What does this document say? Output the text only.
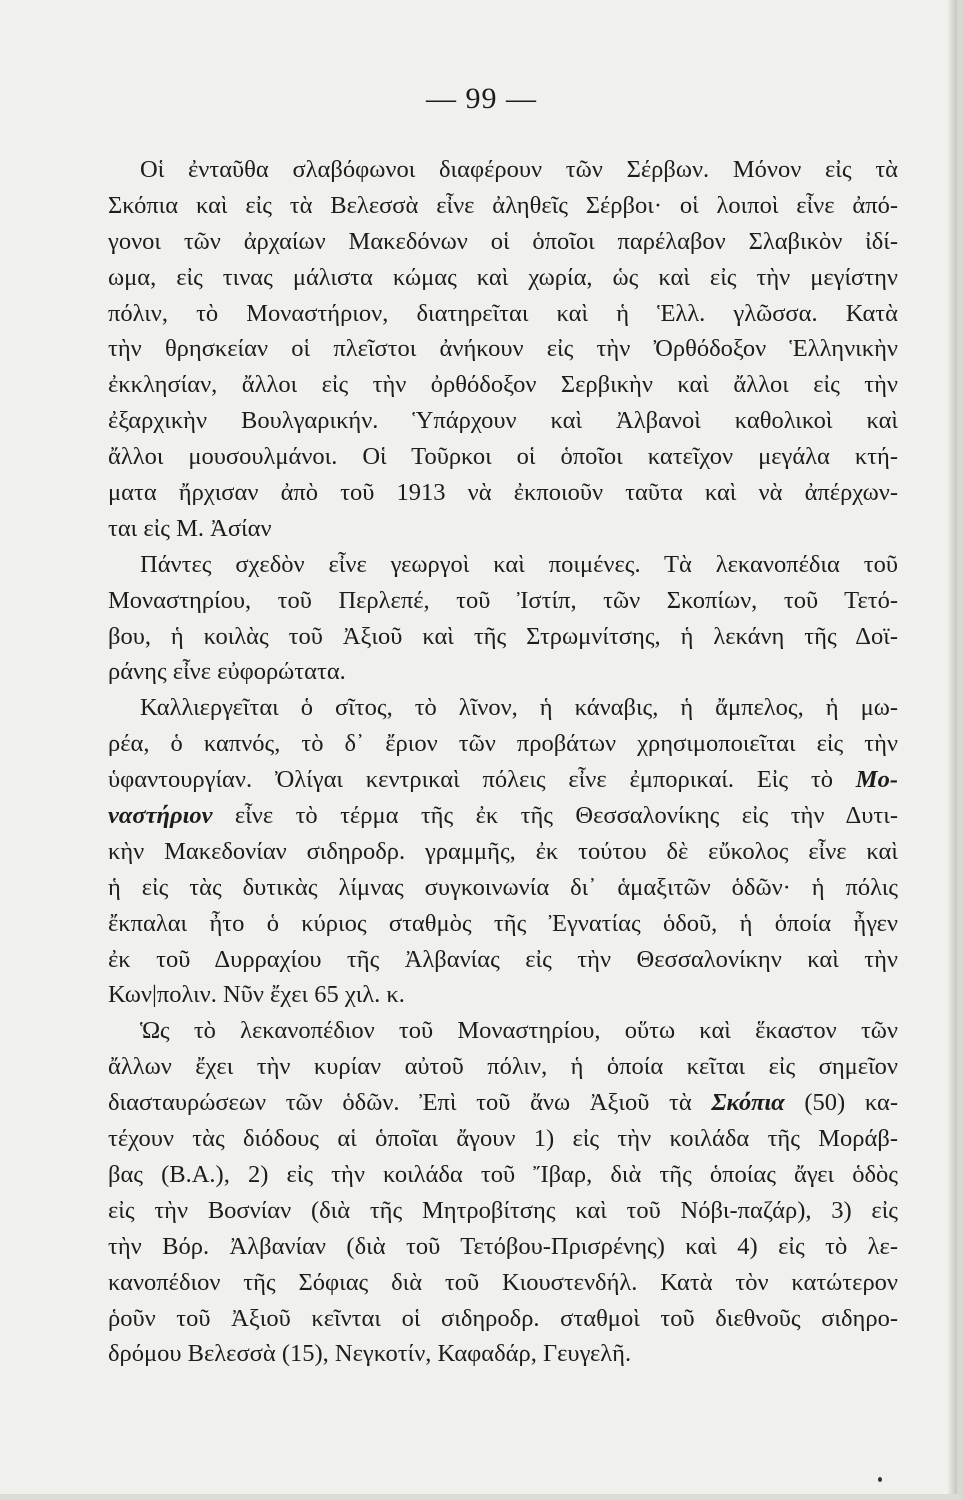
— 99 —
Οἱ ἐνταῦθα σλαβόφωνοι διαφέρουν τῶν Σέρβων. Μόνον εἰς τὰ
Σκόπια καὶ εἰς τὰ Βελεσσὰ εἶνε ἀληθεῖς Σέρβοι· οἱ λοιποὶ εἶνε ἀπό-
γονοι τῶν ἀρχαίων Μακεδόνων οἱ ὁποῖοι παρέλαβον Σλαβικὸν ἰδί-
ωμα, εἰς τινας μάλιστα κώμας καὶ χωρία, ὡς καὶ εἰς τὴν μεγίστην
πόλιν, τὸ Μοναστήριον, διατηρεῖται καὶ ἡ Ἑλλ. γλῶσσα. Κατὰ
τὴν θρησκείαν οἱ πλεῖστοι ἀνήκουν εἰς τὴν Ὀρθόδοξον Ἑλληνικὴν
ἐκκλησίαν, ἄλλοι εἰς τὴν ὀρθόδοξον Σερβικὴν καὶ ἄλλοι εἰς τὴν
ἐξαρχικὴν Βουλγαρικήν. Ὑπάρχουν καὶ Ἀλβανοὶ καθολικοὶ καὶ
ἄλλοι μουσουλμάνοι. Οἱ Τοῦρκοι οἱ ὁποῖοι κατεῖχον μεγάλα κτή-
ματα ἤρχισαν ἀπὸ τοῦ 1913 νὰ ἐκποιοῦν ταῦτα καὶ νὰ ἀπέρχων-
ται εἰς Μ. Ἀσίαν
Πάντες σχεδὸν εἶνε γεωργοὶ καὶ ποιμένες. Τὰ λεκανοπέδια τοῦ
Μοναστηρίου, τοῦ Περλεπέ, τοῦ Ἰστίπ, τῶν Σκοπίων, τοῦ Τετό-
βου, ἡ κοιλὰς τοῦ Ἀξιοῦ καὶ τῆς Στρωμνίτσης, ἡ λεκάνη τῆς Δοϊ-
ράνης εἶνε εὐφορώτατα.
Καλλιεργεῖται ὁ σῖτος, τὸ λῖνον, ἡ κάναβις, ἡ ἄμπελος, ἡ μω-
ρέα, ὁ καπνός, τὸ δ᾽ ἔριον τῶν προβάτων χρησιμοποιεῖται εἰς τὴν
ὑφαντουργίαν. Ὀλίγαι κεντρικαὶ πόλεις εἶνε ἐμπορικαί. Εἰς τὸ Μο-
ναστήριον εἶνε τὸ τέρμα τῆς ἐκ τῆς Θεσσαλονίκης εἰς τὴν Δυτι-
κὴν Μακεδονίαν σιδηροδρ. γραμμῆς, ἐκ τούτου δὲ εὔκολος εἶνε καὶ
ἡ εἰς τὰς δυτικὰς λίμνας συγκοινωνία δι᾽ ἁμαξιτῶν ὁδῶν· ἡ πόλις
ἔκπαλαι ἦτο ὁ κύριος σταθμὸς τῆς Ἐγνατίας ὁδοῦ, ἡ ὁποία ἦγεν
ἐκ τοῦ Δυρραχίου τῆς Ἀλβανίας εἰς τὴν Θεσσαλονίκην καὶ τὴν
Κων|πολιν. Νῦν ἔχει 65 χιλ. κ.
Ὡς τὸ λεκανοπέδιον τοῦ Μοναστηρίου, οὕτω καὶ ἕκαστον τῶν
ἄλλων ἔχει τὴν κυρίαν αὐτοῦ πόλιν, ἡ ὁποία κεῖται εἰς σημεῖον
διασταυρώσεων τῶν ὁδῶν. Ἐπὶ τοῦ ἄνω Ἀξιοῦ τὰ Σκόπια (50) κα-
τέχουν τὰς διόδους αἱ ὁποῖαι ἄγουν 1) εἰς τὴν κοιλάδα τῆς Μοράβ-
βας (Β.Α.), 2) εἰς τὴν κοιλάδα τοῦ Ἴβαρ, διὰ τῆς ὁποίας ἄγει ὁδὸς
εἰς τὴν Βοσνίαν (διὰ τῆς Μητροβίτσης καὶ τοῦ Νόβι-παζάρ), 3) εἰς
τὴν Βόρ. Ἀλβανίαν (διὰ τοῦ Τετόβου-Πρισρένης) καὶ 4) εἰς τὸ λε-
κανοπέδιον τῆς Σόφιας διὰ τοῦ Κιουστενδήλ. Κατὰ τὸν κατώτερον
ῥοῦν τοῦ Ἀξιοῦ κεῖνται οἱ σιδηροδρ. σταθμοὶ τοῦ διεθνοῦς σιδηρο-
δρόμου Βελεσσὰ (15), Νεγκοτίν, Καφαδάρ, Γευγελῆ.
